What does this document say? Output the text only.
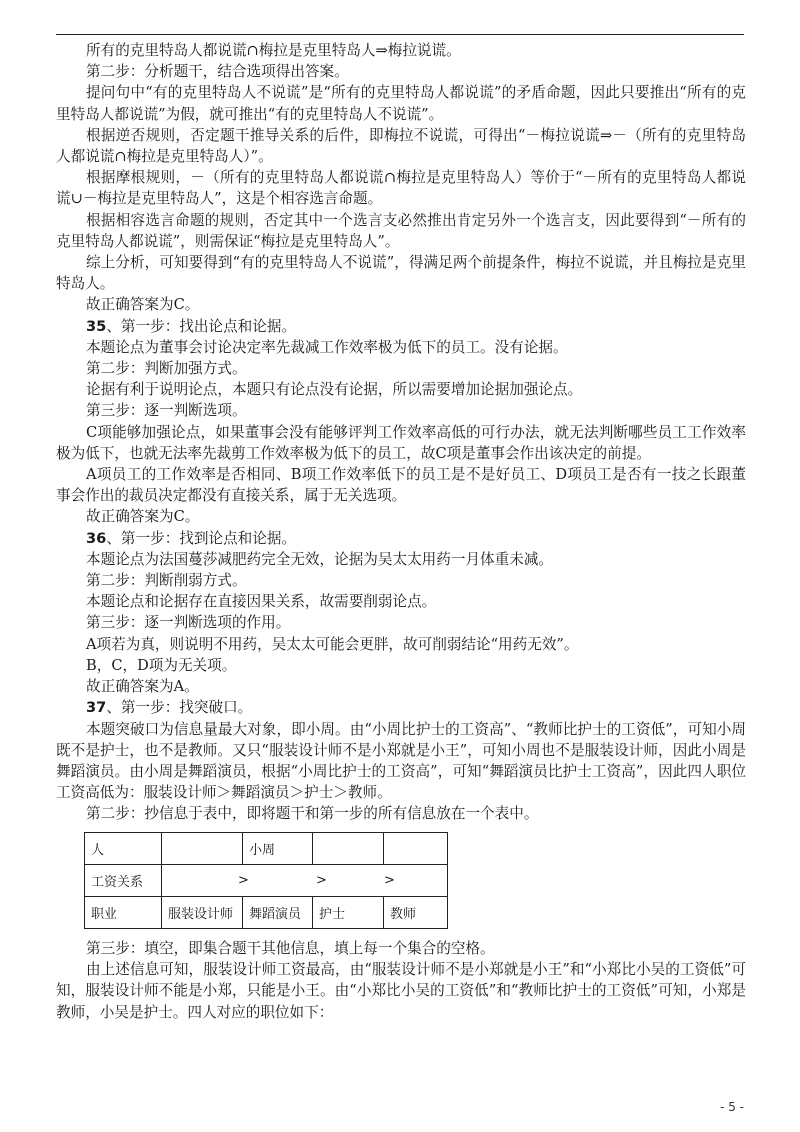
所有的克里特岛人都说谎∩梅拉是克里特岛人⇒梅拉说谎。

第二步：分析题干，结合选项得出答案。

提问句中“有的克里特岛人不说谎”是“所有的克里特岛人都说谎”的矛盾命题，因此只要推出“所有的克里特岛人都说谎”为假，就可推出“有的克里特岛人不说谎”。

根据逆否规则，否定题干推导关系的后件，即梅拉不说谎，可得出“－梅拉说谎⇒－（所有的克里特岛人都说谎∩梅拉是克里特岛人）”。

根据摩根规则，－（所有的克里特岛人都说谎∩梅拉是克里特岛人）等价于“－所有的克里特岛人都说谎∪－梅拉是克里特岛人”，这是个相容选言命题。

根据相容选言命题的规则，否定其中一个选言支必然推出肯定另外一个选言支，因此要得到“－所有的克里特岛人都说谎”，则需保证“梅拉是克里特岛人”。

综上分析，可知要得到“有的克里特岛人不说谎”，得满足两个前提条件，梅拉不说谎，并且梅拉是克里特岛人。

故正确答案为C。

35、第一步：找出论点和论据。

本题论点为董事会讨论决定率先裁减工作效率极为低下的员工。没有论据。

第二步：判断加强方式。

论据有利于说明论点，本题只有论点没有论据，所以需要增加论据加强论点。

第三步：逐一判断选项。

C项能够加强论点，如果董事会没有能够评判工作效率高低的可行办法，就无法判断哪些员工工作效率极为低下，也就无法率先裁剪工作效率极为低下的员工，故C项是董事会作出该决定的前提。

A项员工的工作效率是否相同、B项工作效率低下的员工是不是好员工、D项员工是否有一技之长跟董事会作出的裁员决定都没有直接关系，属于无关选项。

故正确答案为C。

36、第一步：找到论点和论据。

本题论点为法国蔓莎减肥药完全无效，论据为吴太太用药一月体重未减。

第二步：判断削弱方式。

本题论点和论据存在直接因果关系，故需要削弱论点。

第三步：逐一判断选项的作用。

A项若为真，则说明不用药，吴太太可能会更胖，故可削弱结论“用药无效”。

B，C，D项为无关项。

故正确答案为A。

37、第一步：找突破口。

本题突破口为信息量最大对象，即小周。由“小周比护士的工资高”、“教师比护士的工资低”，可知小周既不是护士，也不是教师。又只“服装设计师不是小郑就是小王”，可知小周也不是服装设计师，因此小周是舞蹈演员。由小周是舞蹈演员，根据“小周比护士的工资高”，可知“舞蹈演员比护士工资高”，因此四人职位工资高低为：服装设计师＞舞蹈演员＞护士＞教师。

第二步：抄信息于表中，即将题干和第一步的所有信息放在一个表中。

人		小周		
工资关系	> > >			

职业	服装设计师	舞蹈演员	护士	教师

第三步：填空，即集合题干其他信息，填上每一个集合的空格。

由上述信息可知，服装设计师工资最高，由“服装设计师不是小郑就是小王”和“小郑比小吴的工资低”可知，服装设计师不能是小郑，只能是小王。由“小郑比小吴的工资低”和“教师比护士的工资低”可知，小郑是教师，小吴是护士。四人对应的职位如下：

- 5 -
